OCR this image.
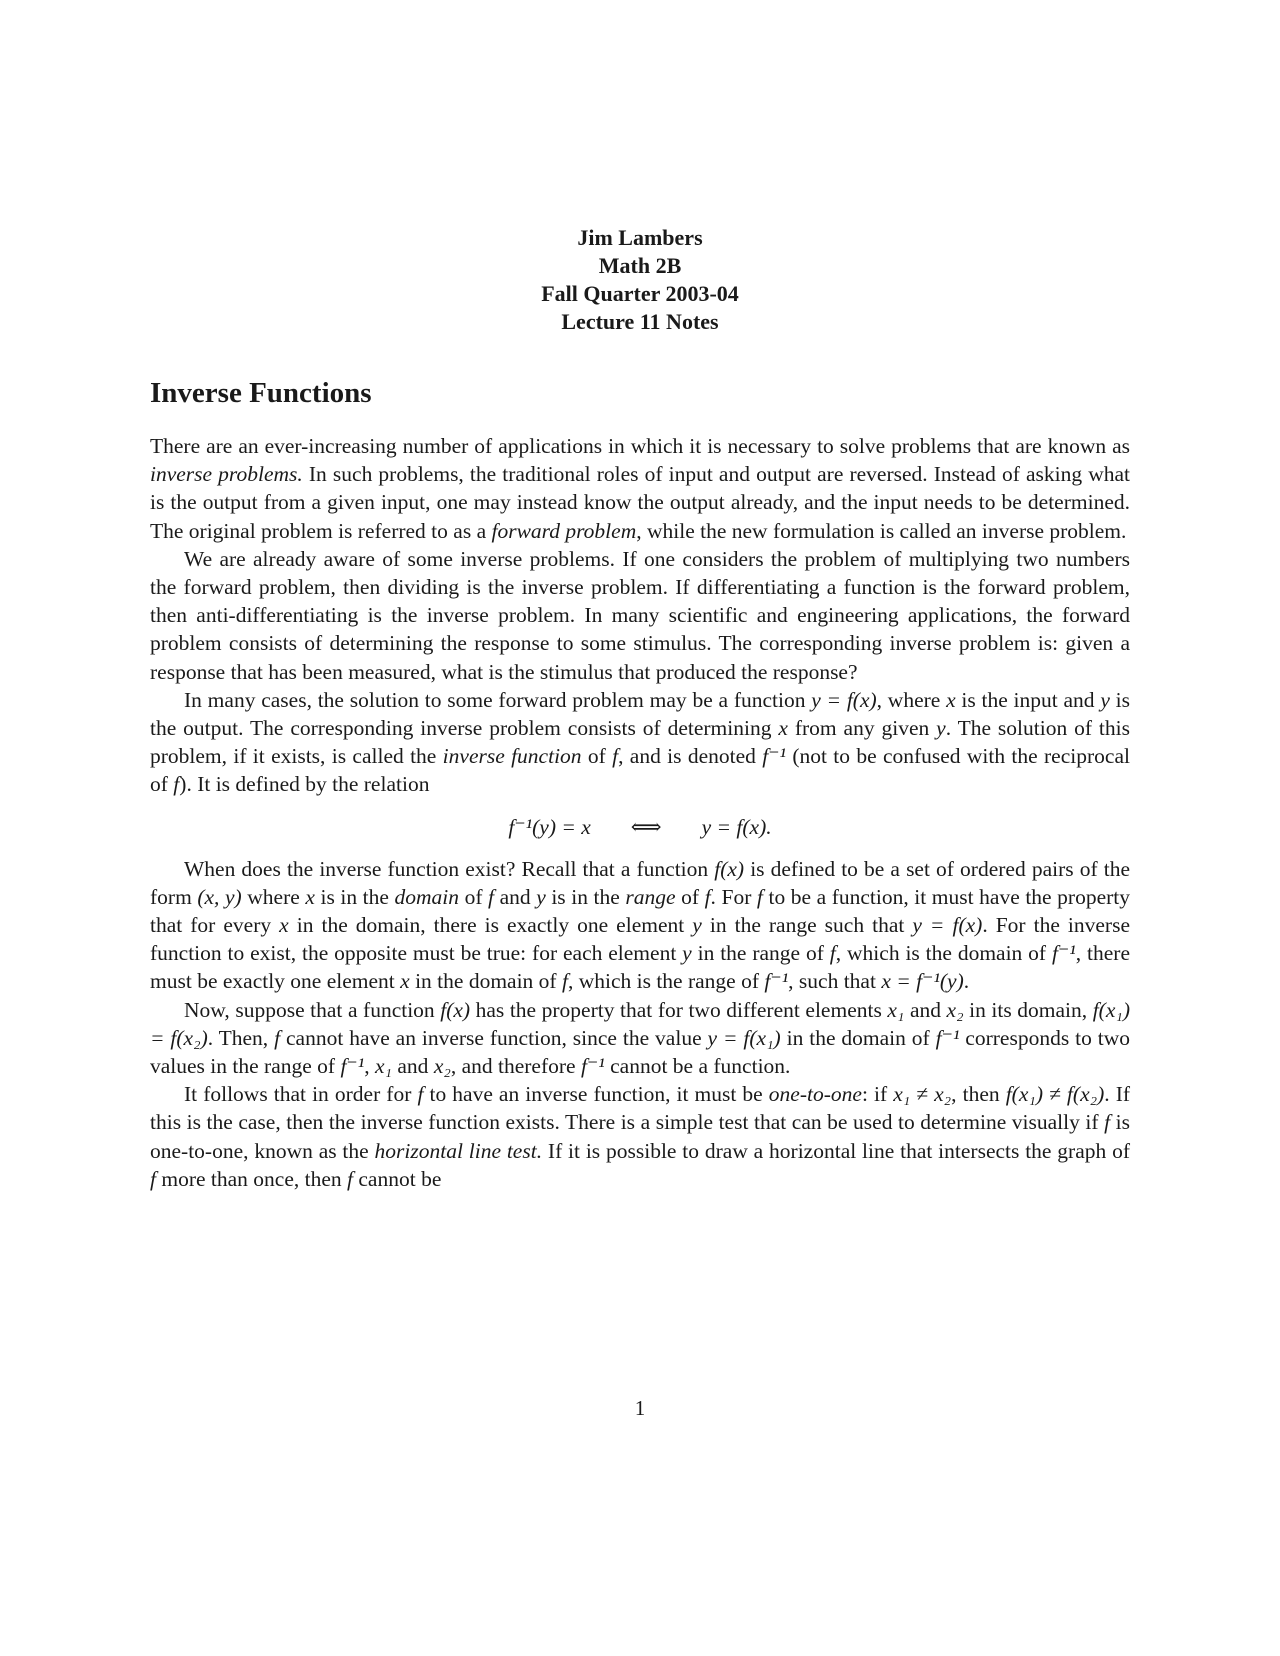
Jim Lambers
Math 2B
Fall Quarter 2003-04
Lecture 11 Notes
Inverse Functions

There are an ever-increasing number of applications in which it is necessary to solve problems that are known as inverse problems. In such problems, the traditional roles of input and output are reversed. Instead of asking what is the output from a given input, one may instead know the output already, and the input needs to be determined. The original problem is referred to as a forward problem, while the new formulation is called an inverse problem.

We are already aware of some inverse problems. If one considers the problem of multiplying two numbers the forward problem, then dividing is the inverse problem. If differentiating a function is the forward problem, then anti-differentiating is the inverse problem. In many scientific and engineering applications, the forward problem consists of determining the response to some stimulus. The corresponding inverse problem is: given a response that has been measured, what is the stimulus that produced the response?

In many cases, the solution to some forward problem may be a function y = f(x), where x is the input and y is the output. The corresponding inverse problem consists of determining x from any given y. The solution of this problem, if it exists, is called the inverse function of f, and is denoted f⁻¹ (not to be confused with the reciprocal of f). It is defined by the relation

f⁻¹(y) = x ⟺ y = f(x).

When does the inverse function exist? Recall that a function f(x) is defined to be a set of ordered pairs of the form (x, y) where x is in the domain of f and y is in the range of f. For f to be a function, it must have the property that for every x in the domain, there is exactly one element y in the range such that y = f(x). For the inverse function to exist, the opposite must be true: for each element y in the range of f, which is the domain of f⁻¹, there must be exactly one element x in the domain of f, which is the range of f⁻¹, such that x = f⁻¹(y).

Now, suppose that a function f(x) has the property that for two different elements x₁ and x₂ in its domain, f(x₁) = f(x₂). Then, f cannot have an inverse function, since the value y = f(x₁) in the domain of f⁻¹ corresponds to two values in the range of f⁻¹, x₁ and x₂, and therefore f⁻¹ cannot be a function.

It follows that in order for f to have an inverse function, it must be one-to-one: if x₁ ≠ x₂, then f(x₁) ≠ f(x₂). If this is the case, then the inverse function exists. There is a simple test that can be used to determine visually if f is one-to-one, known as the horizontal line test. If it is possible to draw a horizontal line that intersects the graph of f more than once, then f cannot be

1
